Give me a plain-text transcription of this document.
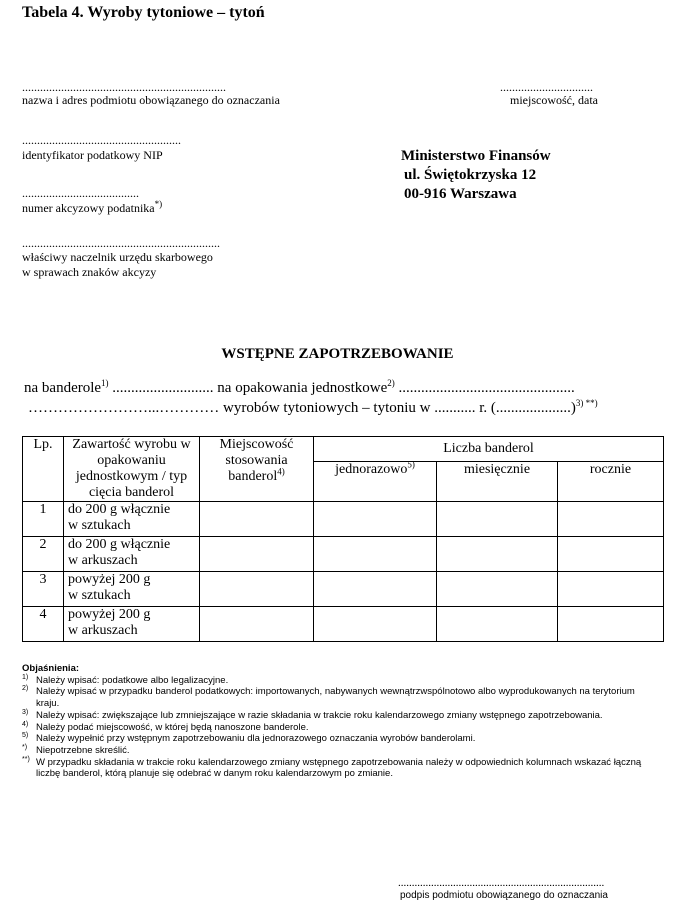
Tabela 4. Wyroby tytoniowe – tytoń
....................................................................
nazwa i adres podmiotu obowiązanego do oznaczania
...............................
miejscowość, data
.....................................................
identyfikator podatkowy NIP
.......................................
numer akcyzowy podatnika*)
..................................................................
właściwy naczelnik urzędu skarbowego
w sprawach znaków akcyzy
Ministerstwo Finansów
ul. Świętokrzyska 12
00-916 Warszawa
WSTĘPNE ZAPOTRZEBOWANIE
na banderole$^{1)}$ ........................... na opakowania jednostkowe$^{2)}$ ...............................................
……………………...………… wyrobów tytoniowych – tytoniu w ........... r. (....................)$^{3) **)}$
Lp.	Zawartość wyrobu w opakowaniu jednostkowym / typ cięcia banderol	Miejscowość stosowania banderol$^{4)}$	Liczba banderol		
			jednorazowo$^{5)}$	miesięcznie	rocznie
1	do 200 g włącznie
w sztukach				

2	do 200 g włącznie
w arkuszach				

3	powyżej 200 g
w sztukach				

4	powyżej 200 g
w arkuszach				

Objaśnienia:
1) Należy wpisać: podatkowe albo legalizacyjne.
2) Należy wpisać w przypadku banderol podatkowych: importowanych, nabywanych wewnątrzwspólnotowo albo wyprodukowanych na terytorium kraju.
3) Należy wpisać: zwiększające lub zmniejszające w razie składania w trakcie roku kalendarzowego zmiany wstępnego zapotrzebowania.
4) Należy podać miejscowość, w której będą nanoszone banderole.
5) Należy wypełnić przy wstępnym zapotrzebowaniu dla jednorazowego oznaczania wyrobów banderolami.
*) Niepotrzebne skreślić.
**) W przypadku składania w trakcie roku kalendarzowego zmiany wstępnego zapotrzebowania należy w odpowiednich kolumnach wskazać łączną liczbę banderol, którą planuje się odebrać w danym roku kalendarzowym po zmianie.
...........................................................................
podpis podmiotu obowiązanego do oznaczania
